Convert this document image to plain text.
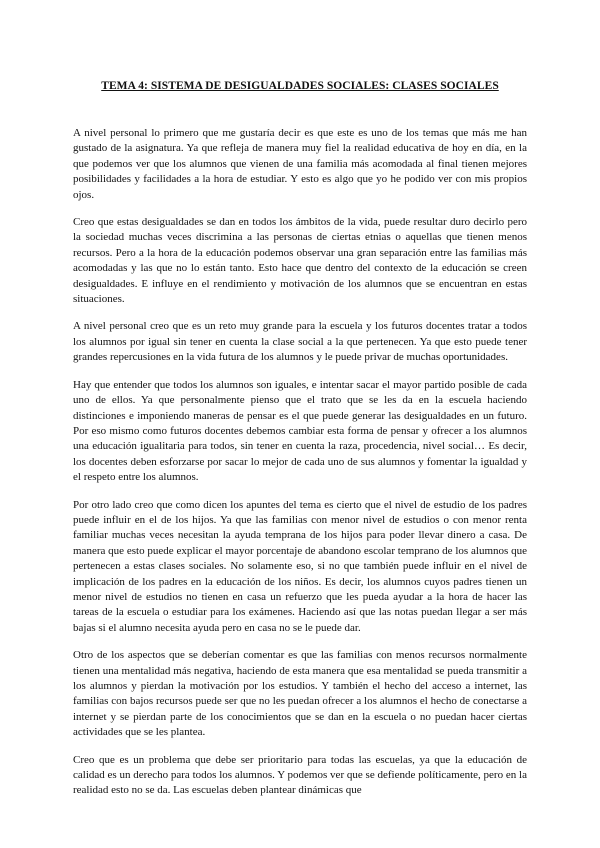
TEMA 4: SISTEMA DE DESIGUALDADES SOCIALES: CLASES SOCIALES

A nivel personal lo primero que me gustaría decir es que este es uno de los temas que más me han gustado de la asignatura. Ya que refleja de manera muy fiel la realidad educativa de hoy en día, en la que podemos ver que los alumnos que vienen de una familia más acomodada al final tienen mejores posibilidades y facilidades a la hora de estudiar. Y esto es algo que yo he podido ver con mis propios ojos.

Creo que estas desigualdades se dan en todos los ámbitos de la vida, puede resultar duro decirlo pero la sociedad muchas veces discrimina a las personas de ciertas etnias o aquellas que tienen menos recursos. Pero a la hora de la educación podemos observar una gran separación entre las familias más acomodadas y las que no lo están tanto. Esto hace que dentro del contexto de la educación se creen desigualdades. E influye en el rendimiento y motivación de los alumnos que se encuentran en estas situaciones.

A nivel personal creo que es un reto muy grande para la escuela y los futuros docentes tratar a todos los alumnos por igual sin tener en cuenta la clase social a la que pertenecen. Ya que esto puede tener grandes repercusiones en la vida futura de los alumnos y le puede privar de muchas oportunidades.

Hay que entender que todos los alumnos son iguales, e intentar sacar el mayor partido posible de cada uno de ellos. Ya que personalmente pienso que el trato que se les da en la escuela haciendo distinciones e imponiendo maneras de pensar es el que puede generar las desigualdades en un futuro. Por eso mismo como futuros docentes debemos cambiar esta forma de pensar y ofrecer a los alumnos una educación igualitaria para todos, sin tener en cuenta la raza, procedencia, nivel social… Es decir, los docentes deben esforzarse por sacar lo mejor de cada uno de sus alumnos y fomentar la igualdad y el respeto entre los alumnos.

Por otro lado creo que como dicen los apuntes del tema es cierto que el nivel de estudio de los padres puede influir en el de los hijos. Ya que las familias con menor nivel de estudios o con menor renta familiar muchas veces necesitan la ayuda temprana de los hijos para poder llevar dinero a casa. De manera que esto puede explicar el mayor porcentaje de abandono escolar temprano de los alumnos que pertenecen a estas clases sociales. No solamente eso, si no que también puede influir en el nivel de implicación de los padres en la educación de los niños. Es decir, los alumnos cuyos padres tienen un menor nivel de estudios no tienen en casa un refuerzo que les pueda ayudar a la hora de hacer las tareas de la escuela o estudiar para los exámenes. Haciendo así que las notas puedan llegar a ser más bajas si el alumno necesita ayuda pero en casa no se le puede dar.

Otro de los aspectos que se deberían comentar es que las familias con menos recursos normalmente tienen una mentalidad más negativa, haciendo de esta manera que esa mentalidad se pueda transmitir a los alumnos y pierdan la motivación por los estudios. Y también el hecho del acceso a internet, las familias con bajos recursos puede ser que no les puedan ofrecer a los alumnos el hecho de conectarse a internet y se pierdan parte de los conocimientos que se dan en la escuela o no puedan hacer ciertas actividades que se les plantea.

Creo que es un problema que debe ser prioritario para todas las escuelas, ya que la educación de calidad es un derecho para todos los alumnos. Y podemos ver que se defiende políticamente, pero en la realidad esto no se da. Las escuelas deben plantear dinámicas que
